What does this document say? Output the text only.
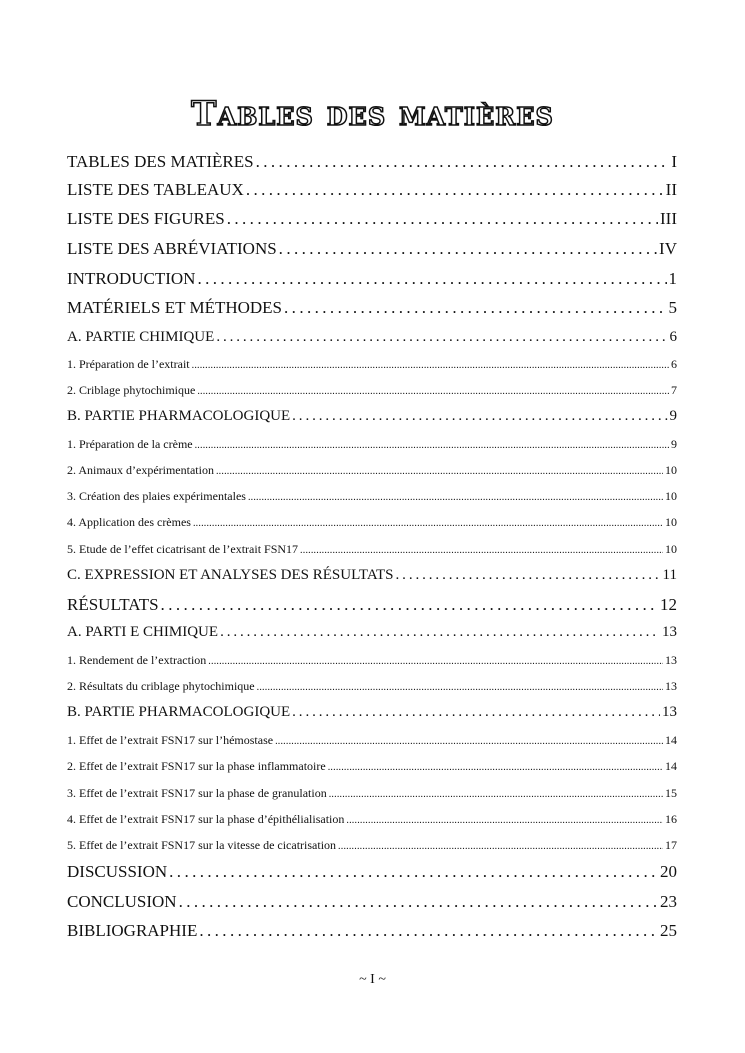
Tables des matières
TABLES DES MATIÈRES .....	I
LISTE DES TABLEAUX .....	II
LISTE DES FIGURES .....	III
LISTE DES ABRÉVIATIONS .....	IV
INTRODUCTION .....	1
MATÉRIELS ET MÉTHODES .....	5
A. PARTIE CHIMIQUE .....	6
1. Préparation de l’extrait .....	6
2. Criblage phytochimique .....	7
B. PARTIE PHARMACOLOGIQUE .....	9
1. Préparation de la crème .....	9
2. Animaux d’expérimentation .....	10
3. Création des plaies expérimentales .....	10
4. Application des crèmes .....	10
5. Etude de l’effet cicatrisant de l’extrait FSN17 .....	10
C. EXPRESSION ET ANALYSES DES RÉSULTATS .....	11
RÉSULTATS .....	12
A. PARTI E CHIMIQUE .....	13
1. Rendement de l’extraction .....	13
2. Résultats du criblage phytochimique .....	13
B. PARTIE PHARMACOLOGIQUE .....	13
1. Effet de l’extrait FSN17 sur l’hémostase .....	14
2. Effet de l’extrait FSN17 sur la phase inflammatoire .....	14
3. Effet de l’extrait FSN17 sur la phase de granulation .....	15
4. Effet de l’extrait FSN17 sur la phase d’épithélialisation .....	16
5. Effet de l’extrait FSN17 sur la vitesse de cicatrisation .....	17
DISCUSSION .....	20
CONCLUSION .....	23
BIBLIOGRAPHIE .....	25
~ I ~
